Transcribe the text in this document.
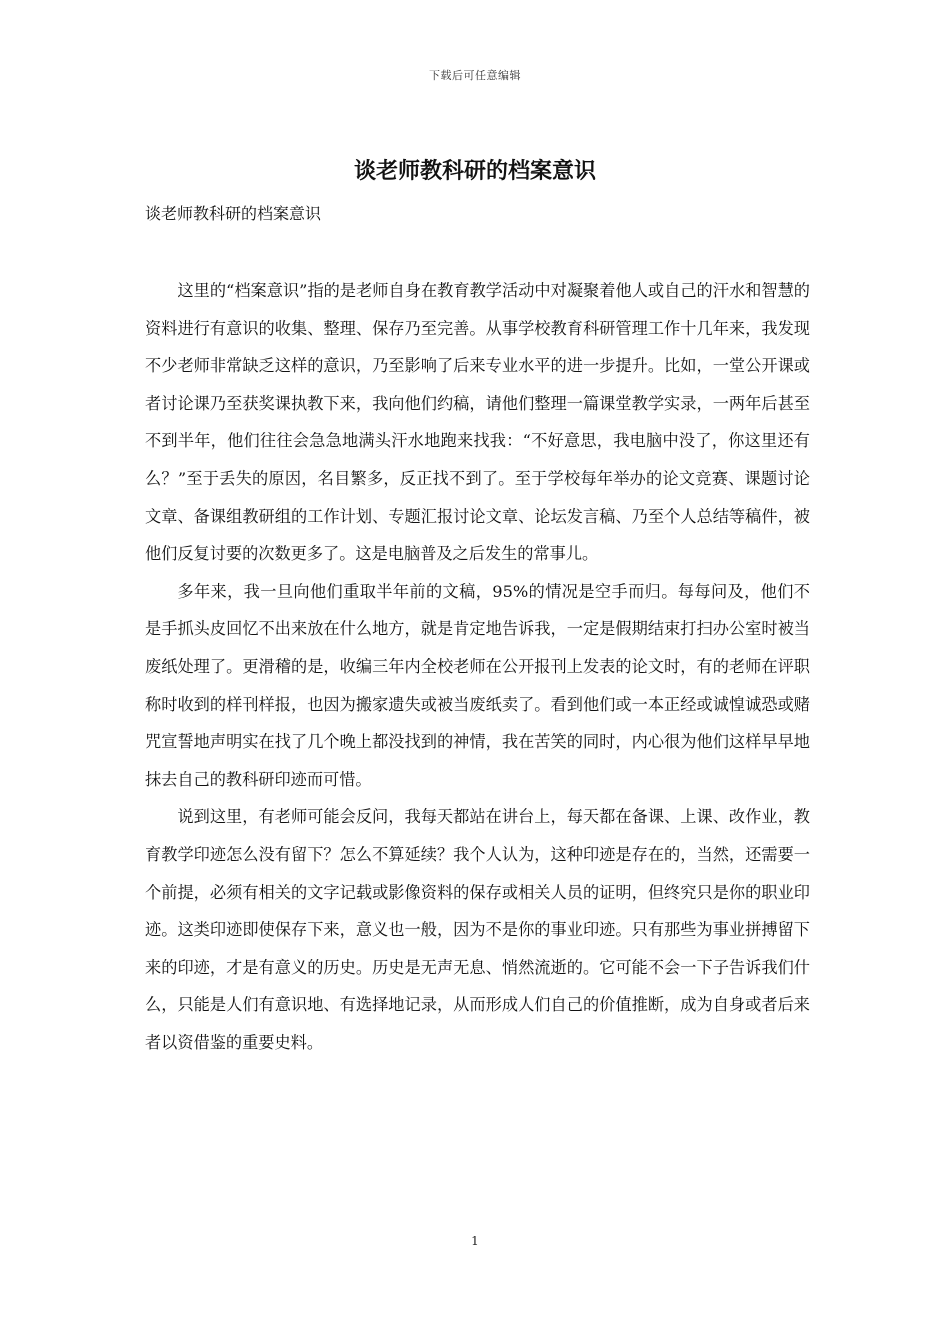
下载后可任意编辑
谈老师教科研的档案意识
谈老师教科研的档案意识

这里的“档案意识”指的是老师自身在教育教学活动中对凝聚着他人或自己的汗水和智慧的资料进行有意识的收集、整理、保存乃至完善。从事学校教育科研管理工作十几年来，我发现不少老师非常缺乏这样的意识，乃至影响了后来专业水平的进一步提升。比如，一堂公开课或者讨论课乃至获奖课执教下来，我向他们约稿，请他们整理一篇课堂教学实录，一两年后甚至不到半年，他们往往会急急地满头汗水地跑来找我：“不好意思，我电脑中没了，你这里还有么？”至于丢失的原因，名目繁多，反正找不到了。至于学校每年举办的论文竞赛、课题讨论文章、备课组教研组的工作计划、专题汇报讨论文章、论坛发言稿、乃至个人总结等稿件，被他们反复讨要的次数更多了。这是电脑普及之后发生的常事儿。

多年来，我一旦向他们重取半年前的文稿，95%的情况是空手而归。每每问及，他们不是手抓头皮回忆不出来放在什么地方，就是肯定地告诉我，一定是假期结束打扫办公室时被当废纸处理了。更滑稽的是，收编三年内全校老师在公开报刊上发表的论文时，有的老师在评职称时收到的样刊样报，也因为搬家遗失或被当废纸卖了。看到他们或一本正经或诚惶诚恐或赌咒宣誓地声明实在找了几个晚上都没找到的神情，我在苦笑的同时，内心很为他们这样早早地抹去自己的教科研印迹而可惜。

说到这里，有老师可能会反问，我每天都站在讲台上，每天都在备课、上课、改作业，教育教学印迹怎么没有留下？怎么不算延续？我个人认为，这种印迹是存在的，当然，还需要一个前提，必须有相关的文字记载或影像资料的保存或相关人员的证明，但终究只是你的职业印迹。这类印迹即使保存下来，意义也一般，因为不是你的事业印迹。只有那些为事业拼搏留下来的印迹，才是有意义的历史。历史是无声无息、悄然流逝的。它可能不会一下子告诉我们什么，只能是人们有意识地、有选择地记录，从而形成人们自己的价值推断，成为自身或者后来者以资借鉴的重要史料。

1
